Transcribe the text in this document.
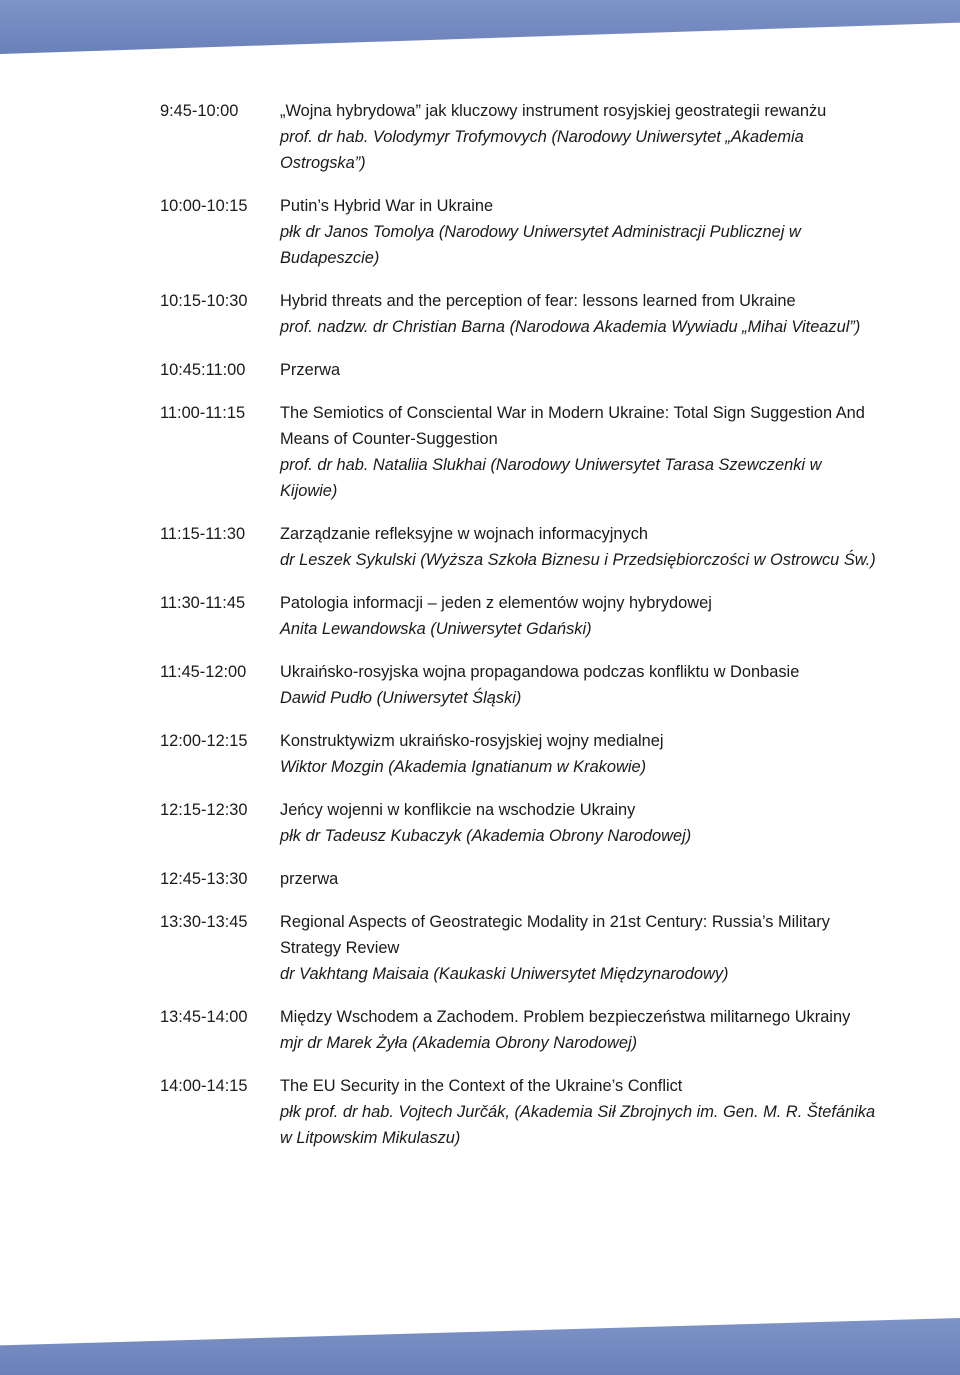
9:45-10:00	„Wojna hybrydowa” jak kluczowy instrument rosyjskiej geostrategii rewanżu
prof. dr hab. Volodymyr Trofymovych (Narodowy Uniwersytet „Akademia Ostrogska”)
10:00-10:15	Putin’s Hybrid War in Ukraine
płk dr Janos Tomolya (Narodowy Uniwersytet Administracji Publicznej w Budapeszcie)
10:15-10:30	Hybrid threats and the perception of fear: lessons learned from Ukraine
prof. nadzw. dr Christian Barna (Narodowa Akademia Wywiadu „Mihai Viteazul”)
10:45:11:00	Przerwa
11:00-11:15	The Semiotics of Consciental War in Modern Ukraine: Total Sign Suggestion And Means of Counter-Suggestion
prof. dr hab. Nataliia Slukhai (Narodowy Uniwersytet Tarasa Szewczenki w Kijowie)
11:15-11:30	Zarządzanie refleksyjne w wojnach informacyjnych
dr Leszek Sykulski (Wyższa Szkoła Biznesu i Przedsiębiorczości w Ostrowcu Św.)
11:30-11:45	Patologia informacji – jeden z elementów wojny hybrydowej
Anita Lewandowska (Uniwersytet Gdański)
11:45-12:00	Ukraińsko-rosyjska wojna propagandowa podczas konfliktu w Donbasie
Dawid Pudło (Uniwersytet Śląski)
12:00-12:15	Konstruktywizm ukraińsko-rosyjskiej wojny medialnej
Wiktor Mozgin (Akademia Ignatianum w Krakowie)
12:15-12:30	Jeńcy wojenni w konflikcie na wschodzie Ukrainy
płk dr Tadeusz Kubaczyk (Akademia Obrony Narodowej)
12:45-13:30	przerwa
13:30-13:45	Regional Aspects of Geostrategic Modality in 21st Century: Russia’s Military Strategy Review
dr Vakhtang Maisaia (Kaukaski Uniwersytet Międzynarodowy)
13:45-14:00	Między Wschodem a Zachodem. Problem bezpieczeństwa militarnego Ukrainy
mjr dr Marek Żyła (Akademia Obrony Narodowej)
14:00-14:15	The EU Security in the Context of the Ukraine’s Conflict
płk prof. dr hab. Vojtech Jurčák, (Akademia Sił Zbrojnych im. Gen. M. R. Štefánika w Litpowskim Mikulaszu)
